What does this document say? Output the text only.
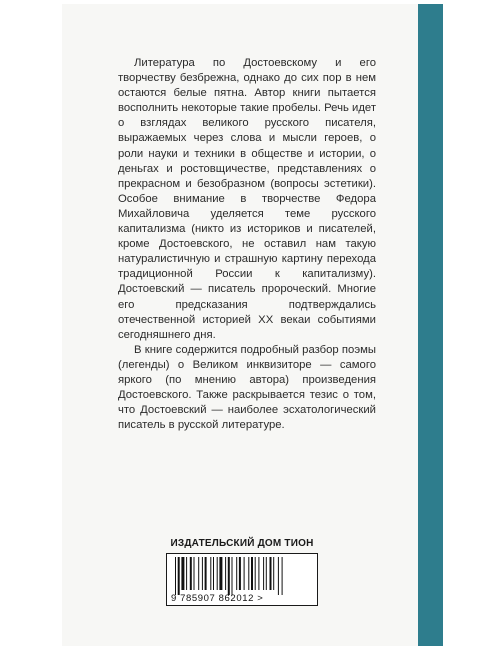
Литература по Достоевскому и его творчеству безбрежна, однако до сих пор в нем остаются белые пятна. Автор книги пытается восполнить некоторые такие пробелы. Речь идет о взглядах великого русского писателя, выражаемых через слова и мысли героев, о роли науки и техники в обществе и истории, о деньгах и ростовщичестве, представлениях о прекрасном и безобразном (вопросы эстетики). Особое внимание в творчестве Федора Михайловича уделяется теме русского капитализма (никто из историков и писателей, кроме Достоевского, не оставил нам такую натуралистичную и страшную картину перехода традиционной России к капитализму). Достоевский — писатель пророческий. Многие его предсказания подтверждались отечественной историей XX векаи событиями сегодняшнего дня.

В книге содержится подробный разбор поэмы (легенды) о Великом инквизиторе — самого яркого (по мнению автора) произведения Достоевского. Также раскрывается тезис о том, что Достоевский — наиболее эсхатологический писатель в русской литературе.

ИЗДАТЕЛЬСКИЙ ДОМ ТИОН
9 785907 862012 >
